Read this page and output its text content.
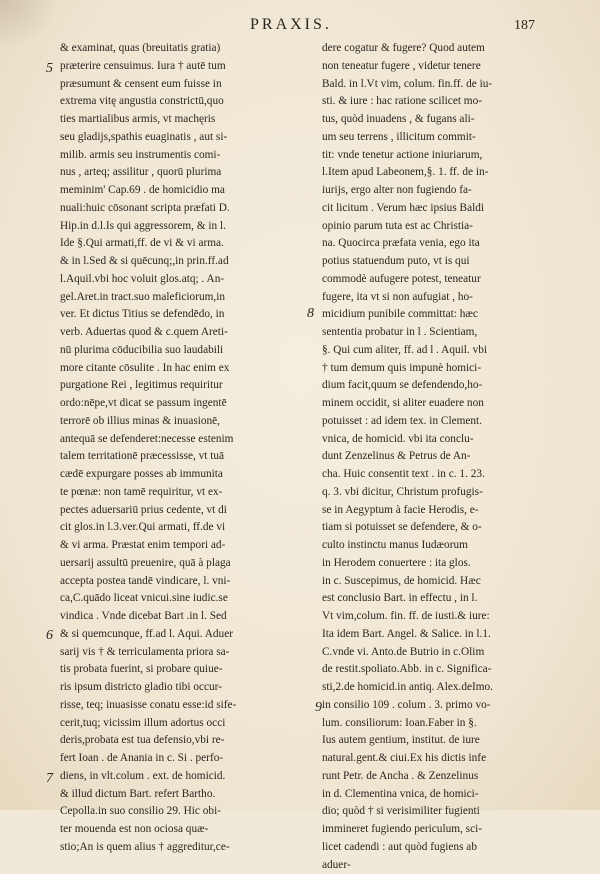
PRAXIS.	187
5
6
7
8
9
& examinat, quas (breuitatis gratia)
præterire censuimus. Iura † autē tum
præsumunt & censent eum fuisse in
extrema vitę angustia constrictū,quo
ties martialibus armis, vt machęris
seu gladijs,spathis euaginatis , aut si-
milib. armis seu instrumentis comi-
nus , arteq; assilitur , quorū plurima
meminim' Cap.69 . de homicidio ma
nuali:huic cōsonant scripta præfati D.
Hip.in d.l.Is qui aggressorem, & in l.
Ide §.Qui armati,ff. de vi & vi arma.
& in l.Sed & si quēcunq;,in prin.ff.ad
l.Aquil.vbi hoc voluit glos.atq; . An-
gel.Aret.in tract.suo maleficiorum,in
ver. Et dictus Titius se defendēdo, in
verb. Aduertas quod & c.quem Areti-
nū plurima cōducibilia suo laudabili
more citante cōsulite . In hac enim ex
purgatione Rei , legitimus requiritur
ordo:nēpe,vt dicat se passum ingentē
terrorē ob illius minas & inuasionē,
antequā se defenderet:necesse estenim
talem territationē præcessisse, vt tuā
cædē expurgare posses ab immunita
te pœnæ: non tamē requiritur, vt ex-
pectes aduersariū prius cedente, vt di
cit glos.in l.3.ver.Qui armati, ff.de vi
& vi arma. Præstat enim tempori ad-
uersarij assultū preuenire, quā à plaga
accepta postea tandē vindicare, l. vni-
ca,C.quādo liceat vnicui.sine iudic.se
vindica . Vnde dicebat Bart .in l. Sed
& si quemcunque, ff.ad l. Aqui. Aduer
sarij vis † & terriculamenta priora sa-
tis probata fuerint, si probare quiue-
ris ipsum districto gladio tibi occur-
risse, teq; inuasisse conatu esse:id sife-
cerit,tuq; vicissim illum adortus occi
deris,probata est tua defensio,vbi re-
fert Ioan . de Anania in c. Si . perfo-
diens, in vlt.colum . ext. de homicid.
& illud dictum Bart. refert Bartho.
Cepolla.in suo consilio 29. Hic obi-
ter mouenda est non ociosa quæ-
stio;An is quem alius † aggreditur,ce-
dere cogatur & fugere? Quod autem
non teneatur fugere , videtur tenere
Bald. in l.Vt vim, colum. fin.ff. de iu-
sti. & iure : hac ratione scilicet mo-
tus, quòd inuadens , & fugans ali-
um seu terrens , illicitum commit-
tit: vnde tenetur actione iniuriarum,
l.Item apud Labeonem,§. 1. ff. de in-
iurijs, ergo alter non fugiendo fa-
cit licitum . Verum hæc ipsius Baldi
opinio parum tuta est ac Christia-
na. Quocirca præfata venia, ego ita
potius statuendum puto, vt is qui
commodè aufugere potest, teneatur
fugere, ita vt si non aufugiat , ho-
micidium punibile committat: hæc
sententia probatur in l . Scientiam,
§. Qui cum aliter, ff. ad l . Aquil. vbi
† tum demum quis impunè homici-
dium facit,quum se defendendo,ho-
minem occidit, si aliter euadere non
potuisset : ad idem tex. in Clement.
vnica, de homicid. vbi ita conclu-
dunt Zenzelinus & Petrus de An-
cha. Huic consentit text . in c. 1. 23.
q. 3. vbi dicitur, Christum profugis-
se in Aegyptum à facie Herodis, e-
tiam si potuisset se defendere, & o-
culto instinctu manus Iudæorum
in Herodem conuertere : ita glos.
in c. Suscepimus, de homicid. Hæc
est conclusio Bart. in effectu , in l.
Vt vim,colum. fin. ff. de iusti.& iure:
Ita idem Bart. Angel. & Salice. in l.1.
C.vnde vi. Anto.de Butrio in c.Olim
de restit.spoliato.Abb. in c. Significa-
sti,2.de homicid.in antiq. Alex.deImo.
in consilio 109 . colum . 3. primo vo-
lum. consiliorum: Ioan.Faber in §.
Ius autem gentium, institut. de iure
natural.gent.& ciui.Ex his dictis infe
runt Petr. de Ancha . & Zenzelinus
in d. Clementina vnica, de homici-
dio; quòd † si verisimiliter fugienti
immineret fugiendo periculum, sci-
licet cadendi : aut quòd fugiens ab
aduer-
